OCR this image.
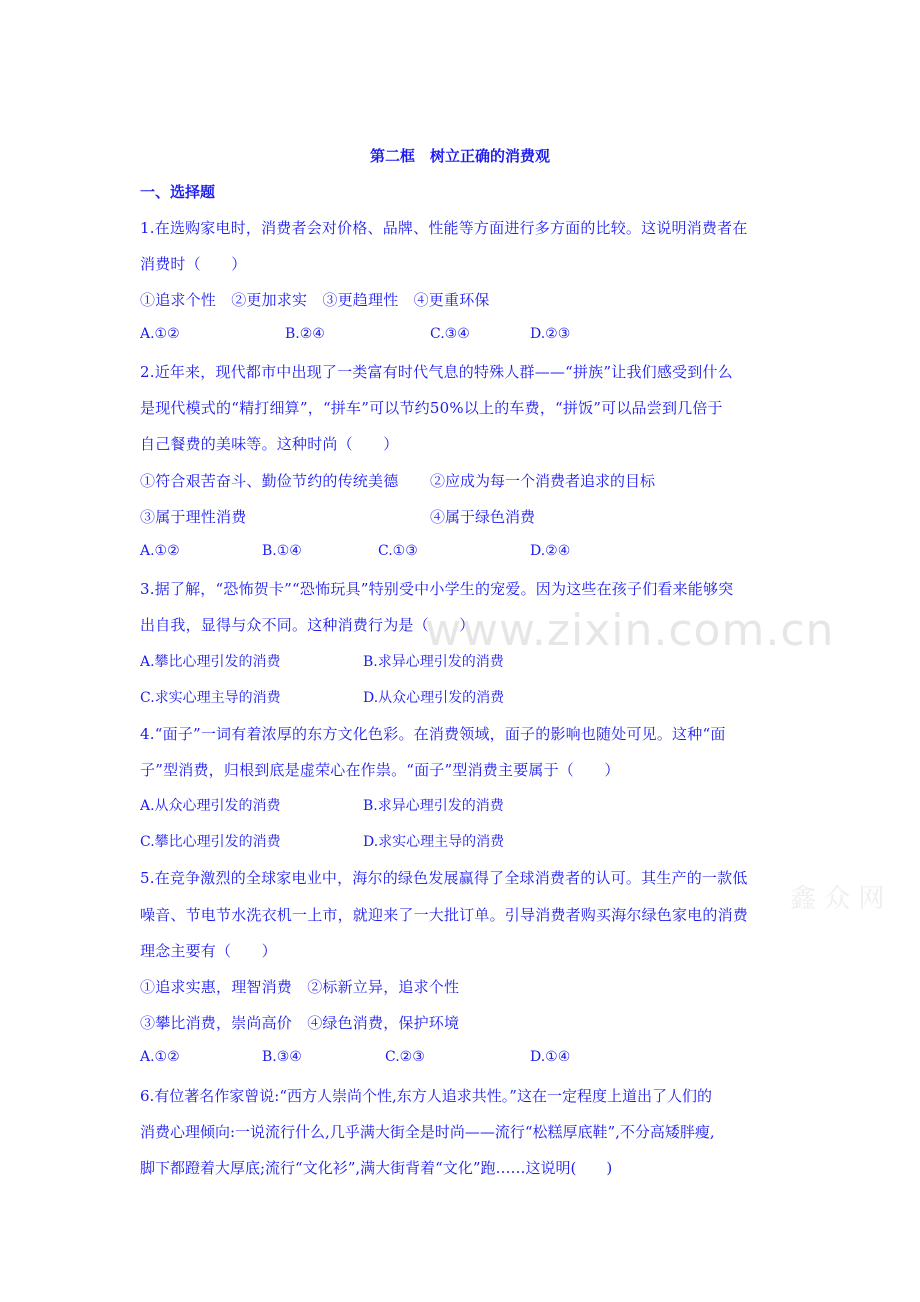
www.zixin.com.cn
鑫 众 网
第二框　树立正确的消费观
一、选择题
1.在选购家电时，消费者会对价格、品牌、性能等方面进行多方面的比较。这说明消费者在
消费时（　　）
①追求个性　②更加求实　③更趋理性　④更重环保
A.①②	B.②④	C.③④	D.②③
2.近年来，现代都市中出现了一类富有时代气息的特殊人群——“拼族”让我们感受到什么
是现代模式的“精打细算”，“拼车”可以节约50%以上的车费，“拼饭”可以品尝到几倍于
自己餐费的美味等。这种时尚（　　）
①符合艰苦奋斗、勤俭节约的传统美德 ②应成为每一个消费者追求的目标
③属于理性消费	④属于绿色消费
A.①②	B.①④	C.①③	D.②④
3.据了解，“恐怖贺卡”“恐怖玩具”特别受中小学生的宠爱。因为这些在孩子们看来能够突
出自我，显得与众不同。这种消费行为是（　　）
A.攀比心理引发的消费	B.求异心理引发的消费
C.求实心理主导的消费	D.从众心理引发的消费
4.“面子”一词有着浓厚的东方文化色彩。在消费领域，面子的影响也随处可见。这种“面
子”型消费，归根到底是虚荣心在作祟。“面子”型消费主要属于（　　）
A.从众心理引发的消费	B.求异心理引发的消费
C.攀比心理引发的消费	D.求实心理主导的消费
5.在竞争激烈的全球家电业中，海尔的绿色发展赢得了全球消费者的认可。其生产的一款低
噪音、节电节水洗衣机一上市，就迎来了一大批订单。引导消费者购买海尔绿色家电的消费
理念主要有（　　）
①追求实惠，理智消费　②标新立异，追求个性
③攀比消费，崇尚高价　④绿色消费，保护环境
A.①②	B.③④	C.②③	D.①④
6.有位著名作家曾说:“西方人崇尚个性,东方人追求共性。”这在一定程度上道出了人们的
消费心理倾向:一说流行什么,几乎满大街全是时尚——流行“松糕厚底鞋”,不分高矮胖瘦,
脚下都蹬着大厚底;流行“文化衫”,满大街背着“文化”跑……这说明(　　)
